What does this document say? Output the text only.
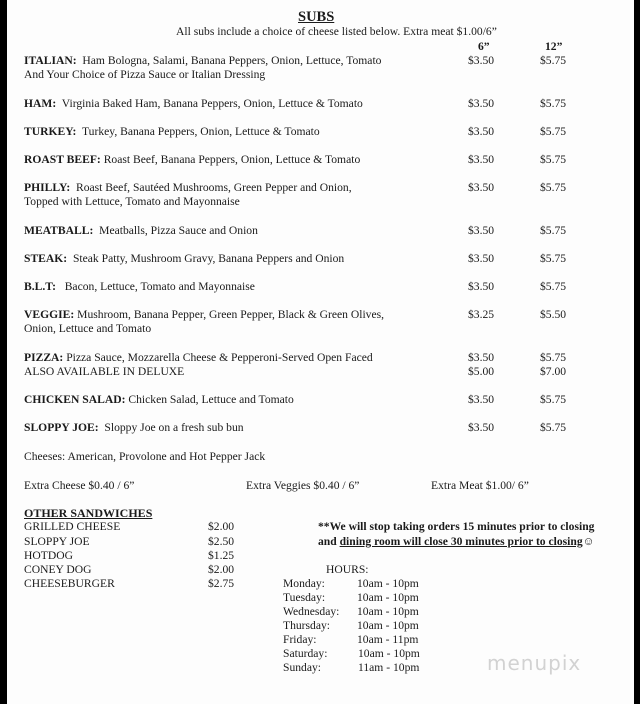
SUBS
All subs include a choice of cheese listed below. Extra meat $1.00/6”
6”	12”
ITALIAN: Ham Bologna, Salami, Banana Peppers, Onion, Lettuce, Tomato
And Your Choice of Pizza Sauce or Italian Dressing
$3.50	$5.75
HAM: Virginia Baked Ham, Banana Peppers, Onion, Lettuce & Tomato	$3.50	$5.75
TURKEY: Turkey, Banana Peppers, Onion, Lettuce & Tomato	$3.50	$5.75
ROAST BEEF: Roast Beef, Banana Peppers, Onion, Lettuce & Tomato	$3.50	$5.75
PHILLY: Roast Beef, Sautéed Mushrooms, Green Pepper and Onion,
Topped with Lettuce, Tomato and Mayonnaise
$3.50	$5.75
MEATBALL: Meatballs, Pizza Sauce and Onion	$3.50	$5.75
STEAK: Steak Patty, Mushroom Gravy, Banana Peppers and Onion	$3.50	$5.75
B.L.T: Bacon, Lettuce, Tomato and Mayonnaise	$3.50	$5.75
VEGGIE: Mushroom, Banana Pepper, Green Pepper, Black & Green Olives,
Onion, Lettuce and Tomato
$3.25	$5.50
PIZZA: Pizza Sauce, Mozzarella Cheese & Pepperoni-Served Open Faced	$3.50	$5.75
ALSO AVAILABLE IN DELUXE	$5.00	$7.00
CHICKEN SALAD: Chicken Salad, Lettuce and Tomato	$3.50	$5.75
SLOPPY JOE: Sloppy Joe on a fresh sub bun	$3.50	$5.75
Cheeses: American, Provolone and Hot Pepper Jack
Extra Cheese $0.40 / 6”	Extra Veggies $0.40 / 6”	Extra Meat $1.00/ 6”
OTHER SANDWICHES
GRILLED CHEESE	$2.00
SLOPPY JOE	$2.50
HOTDOG	$1.25
CONEY DOG	$2.00
CHEESEBURGER	$2.75
**We will stop taking orders 15 minutes prior to closing
and dining room will close 30 minutes prior to closing☺
HOURS:
Monday:	10am - 10pm
Tuesday:	10am - 10pm
Wednesday: 10am - 10pm
Thursday: 10am - 10pm
Friday:	10am - 11pm
Saturday:	10am - 10pm
Sunday:	11am - 10pm	menupix
